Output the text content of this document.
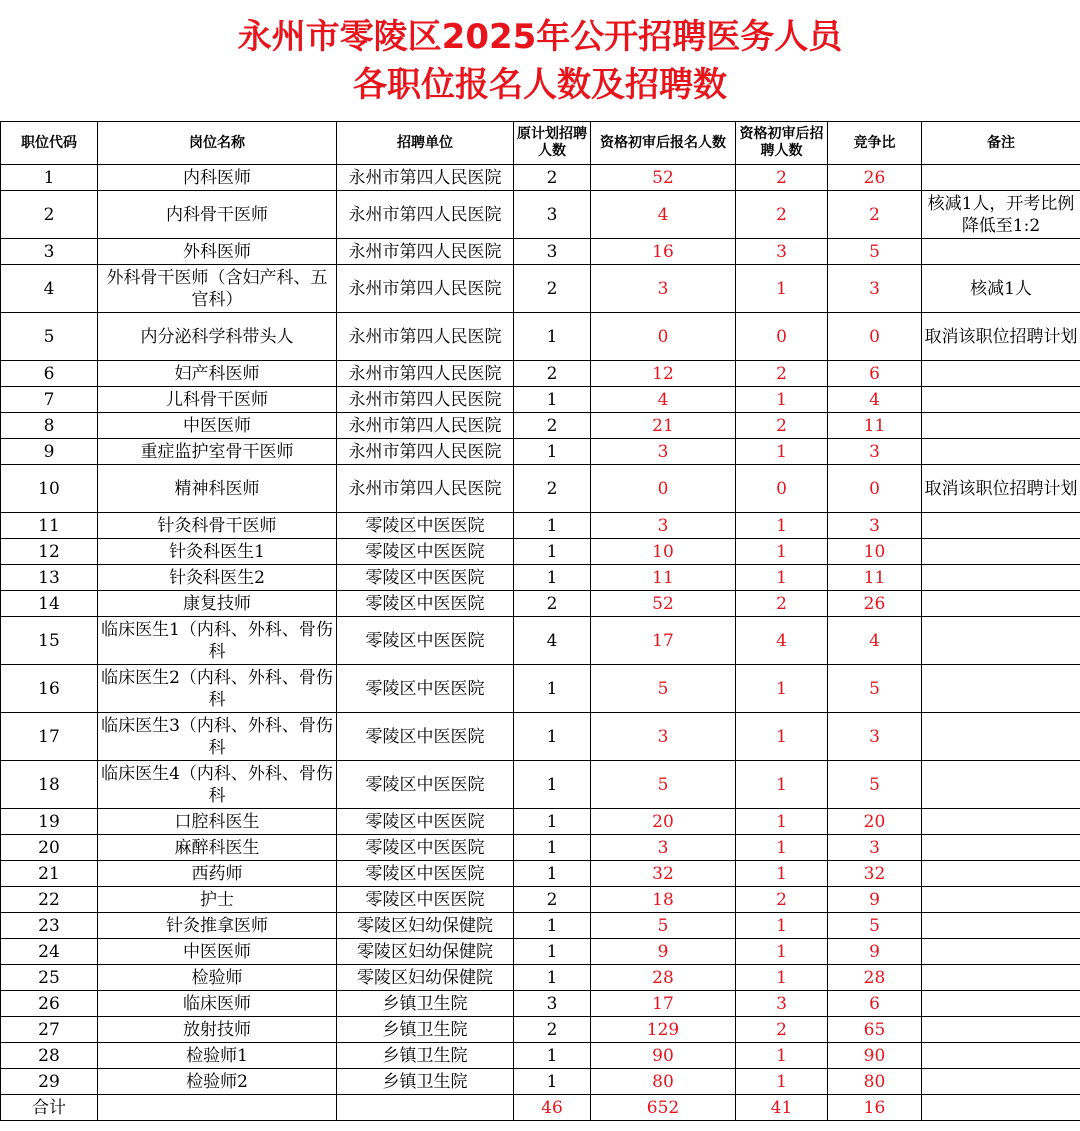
永州市零陵区2025年公开招聘医务人员
各职位报名人数及招聘数
职位代码	岗位名称	招聘单位	原计划招聘人数	资格初审后报名人数	资格初审后招聘人数	竞争比	备注
1	内科医师	永州市第四人民医院	2	52	2	26	
2	内科骨干医师	永州市第四人民医院	3	4	2	2	核减1人，开考比例降低至1:2
3	外科医师	永州市第四人民医院	3	16	3	5	
4	外科骨干医师（含妇产科、五官科）	永州市第四人民医院	2	3	1	3	核减1人
5	内分泌科学科带头人	永州市第四人民医院	1	0	0	0	取消该职位招聘计划
6	妇产科医师	永州市第四人民医院	2	12	2	6	
7	儿科骨干医师	永州市第四人民医院	1	4	1	4	
8	中医医师	永州市第四人民医院	2	21	2	11	
9	重症监护室骨干医师	永州市第四人民医院	1	3	1	3	
10	精神科医师	永州市第四人民医院	2	0	0	0	取消该职位招聘计划
11	针灸科骨干医师	零陵区中医医院	1	3	1	3	
12	针灸科医生1	零陵区中医医院	1	10	1	10	
13	针灸科医生2	零陵区中医医院	1	11	1	11	
14	康复技师	零陵区中医医院	2	52	2	26	
15	临床医生1（内科、外科、骨伤科	零陵区中医医院	4	17	4	4	
16	临床医生2（内科、外科、骨伤科	零陵区中医医院	1	5	1	5	
17	临床医生3（内科、外科、骨伤科	零陵区中医医院	1	3	1	3	
18	临床医生4（内科、外科、骨伤科	零陵区中医医院	1	5	1	5	
19	口腔科医生	零陵区中医医院	1	20	1	20	
20	麻醉科医生	零陵区中医医院	1	3	1	3	
21	西药师	零陵区中医医院	1	32	1	32	
22	护士	零陵区中医医院	2	18	2	9	
23	针灸推拿医师	零陵区妇幼保健院	1	5	1	5	
24	中医医师	零陵区妇幼保健院	1	9	1	9	
25	检验师	零陵区妇幼保健院	1	28	1	28	
26	临床医师	乡镇卫生院	3	17	3	6	
27	放射技师	乡镇卫生院	2	129	2	65	
28	检验师1	乡镇卫生院	1	90	1	90	
29	检验师2	乡镇卫生院	1	80	1	80	
合计			46	652	41	16	
